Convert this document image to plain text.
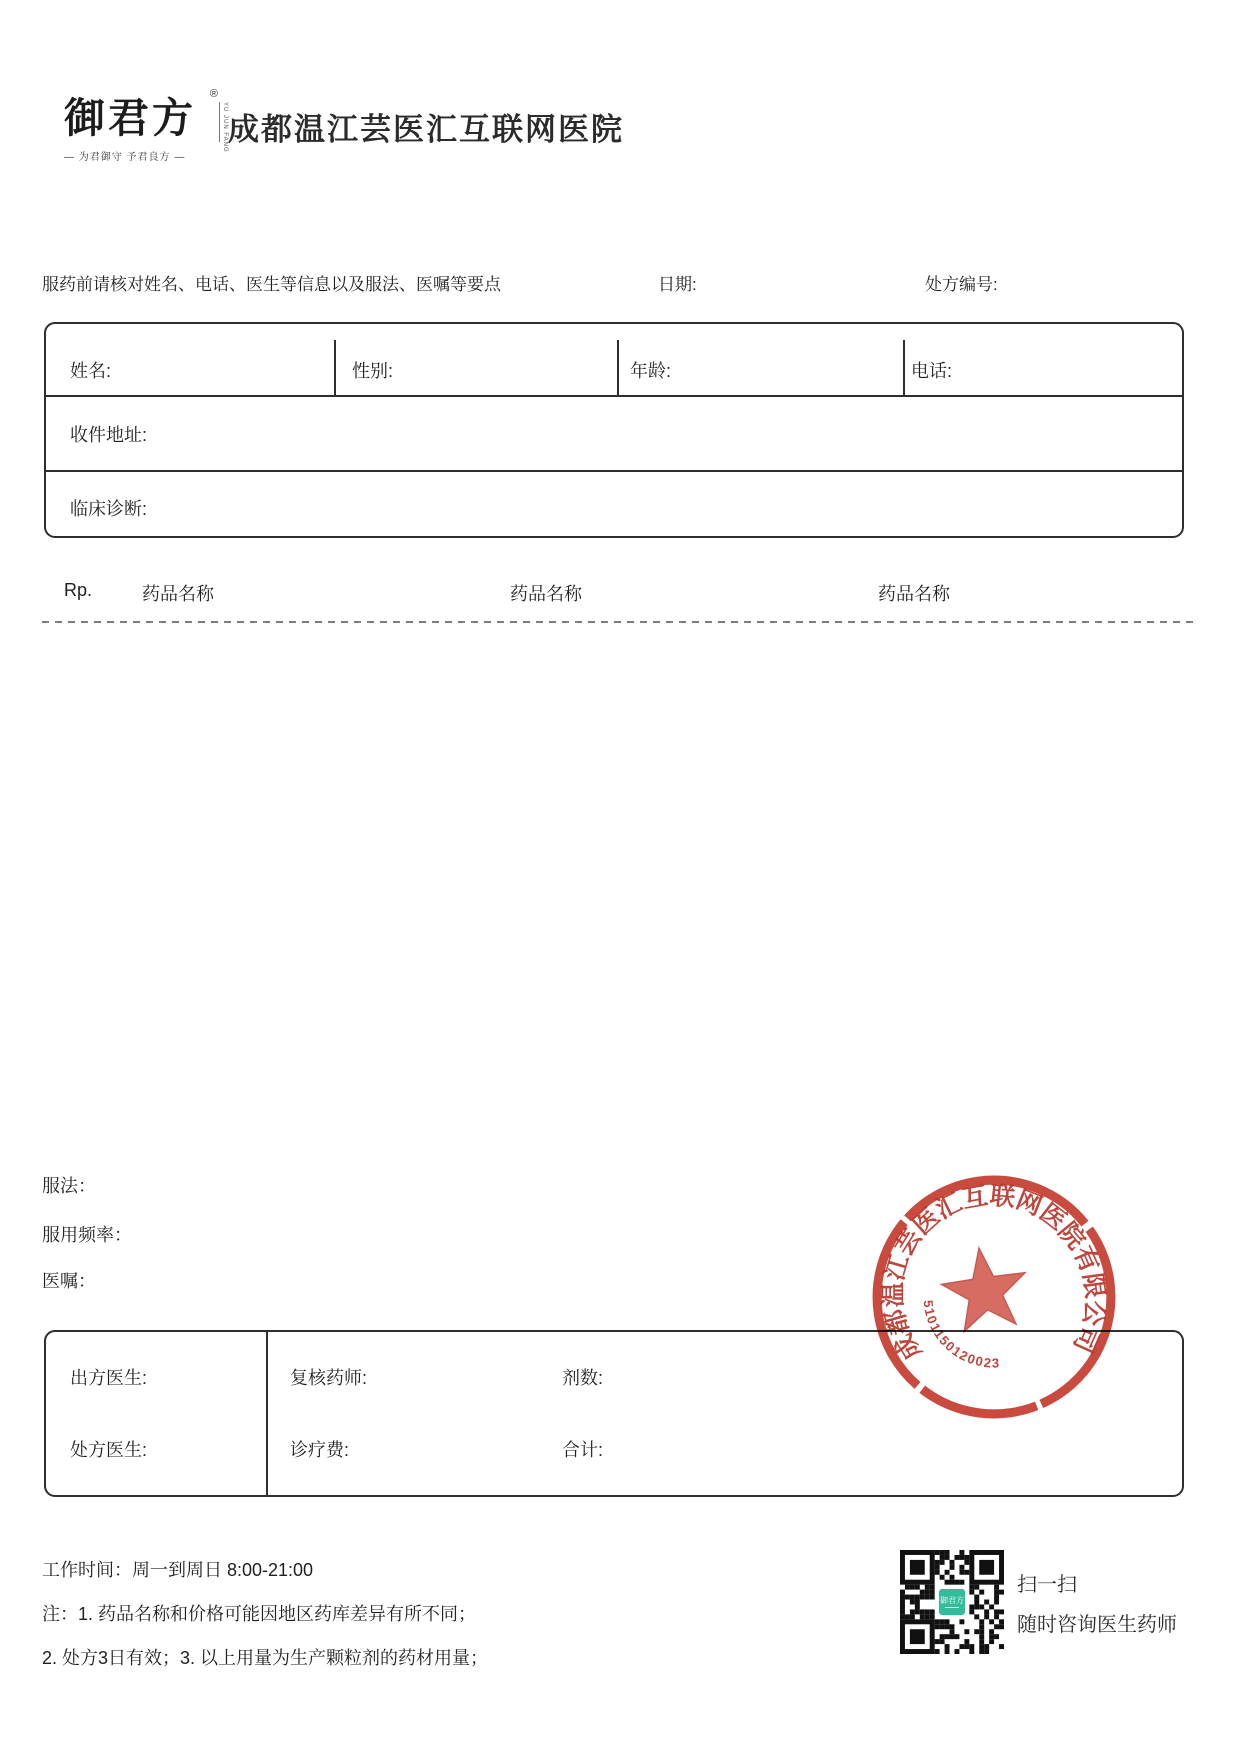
御君方 ®
YU JUN FANG
— 为君御守 予君良方 —
成都温江芸医汇互联网医院
服药前请核对姓名、电话、医生等信息以及服法、医嘱等要点	日期:	处方编号:
姓名:	性别:	年龄:	电话:
收件地址:
临床诊断:
Rp.	药品名称	药品名称	药品名称
服法：
服用频率：
医嘱：
出方医生:	复核药师:	剂数:
处方医生:	诊疗费:	合计:
成都温江芸医汇互联网医院有限公司
5101150120023
工作时间：周一到周日 8:00-21:00
注：1. 药品名称和价格可能因地区药库差异有所不同；
2. 处方3日有效；3. 以上用量为生产颗粒剂的药材用量；
御君方
扫一扫
随时咨询医生药师
